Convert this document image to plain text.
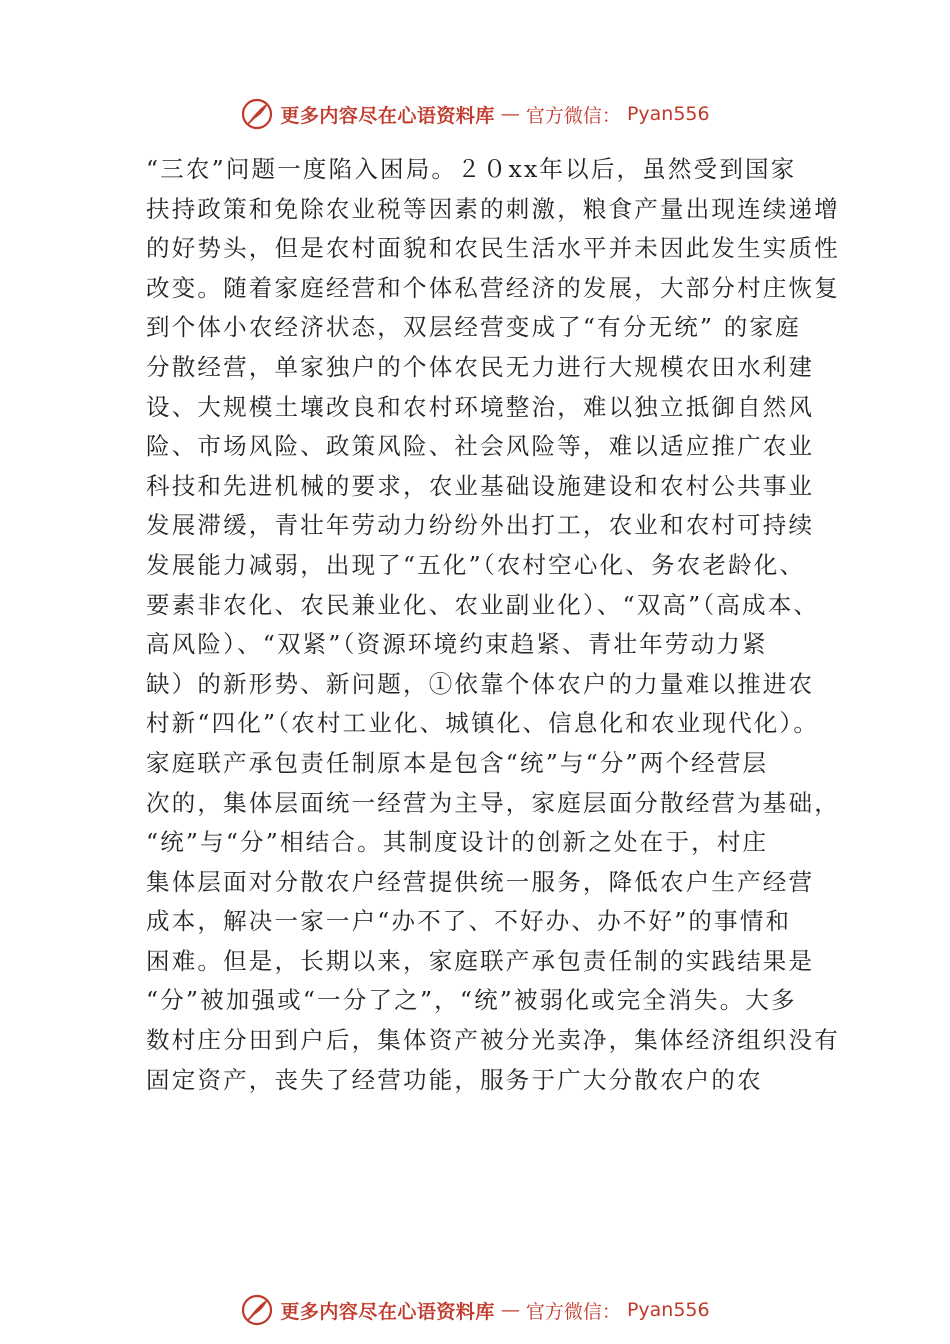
更多内容尽在心语资料库 — 官方微信： Pyan556
“三农”问题一度陷入困局。２０xx年以后，虽然受到国家
扶持政策和免除农业税等因素的刺激，粮食产量出现连续递增
的好势头，但是农村面貌和农民生活水平并未因此发生实质性
改变。随着家庭经营和个体私营经济的发展，大部分村庄恢复
到个体小农经济状态，双层经营变成了“有分无统” 的家庭
分散经营，单家独户的个体农民无力进行大规模农田水利建
设、大规模土壤改良和农村环境整治，难以独立抵御自然风
险、市场风险、政策风险、社会风险等，难以适应推广农业
科技和先进机械的要求，农业基础设施建设和农村公共事业
发展滞缓，青壮年劳动力纷纷外出打工，农业和农村可持续
发展能力减弱，出现了“五化”（农村空心化、务农老龄化、
要素非农化、农民兼业化、农业副业化）、“双高”（高成本、
高风险）、“双紧”（资源环境约束趋紧、青壮年劳动力紧
缺）的新形势、新问题，①依靠个体农户的力量难以推进农
村新“四化”（农村工业化、城镇化、信息化和农业现代化）。
家庭联产承包责任制原本是包含“统”与“分”两个经营层
次的，集体层面统一经营为主导，家庭层面分散经营为基础，
“统”与“分”相结合。其制度设计的创新之处在于，村庄
集体层面对分散农户经营提供统一服务，降低农户生产经营
成本，解决一家一户“办不了、不好办、办不好”的事情和
困难。但是，长期以来，家庭联产承包责任制的实践结果是
“分”被加强或“一分了之”，“统”被弱化或完全消失。大多
数村庄分田到户后，集体资产被分光卖净，集体经济组织没有
固定资产，丧失了经营功能，服务于广大分散农户的农
更多内容尽在心语资料库 — 官方微信： Pyan556
